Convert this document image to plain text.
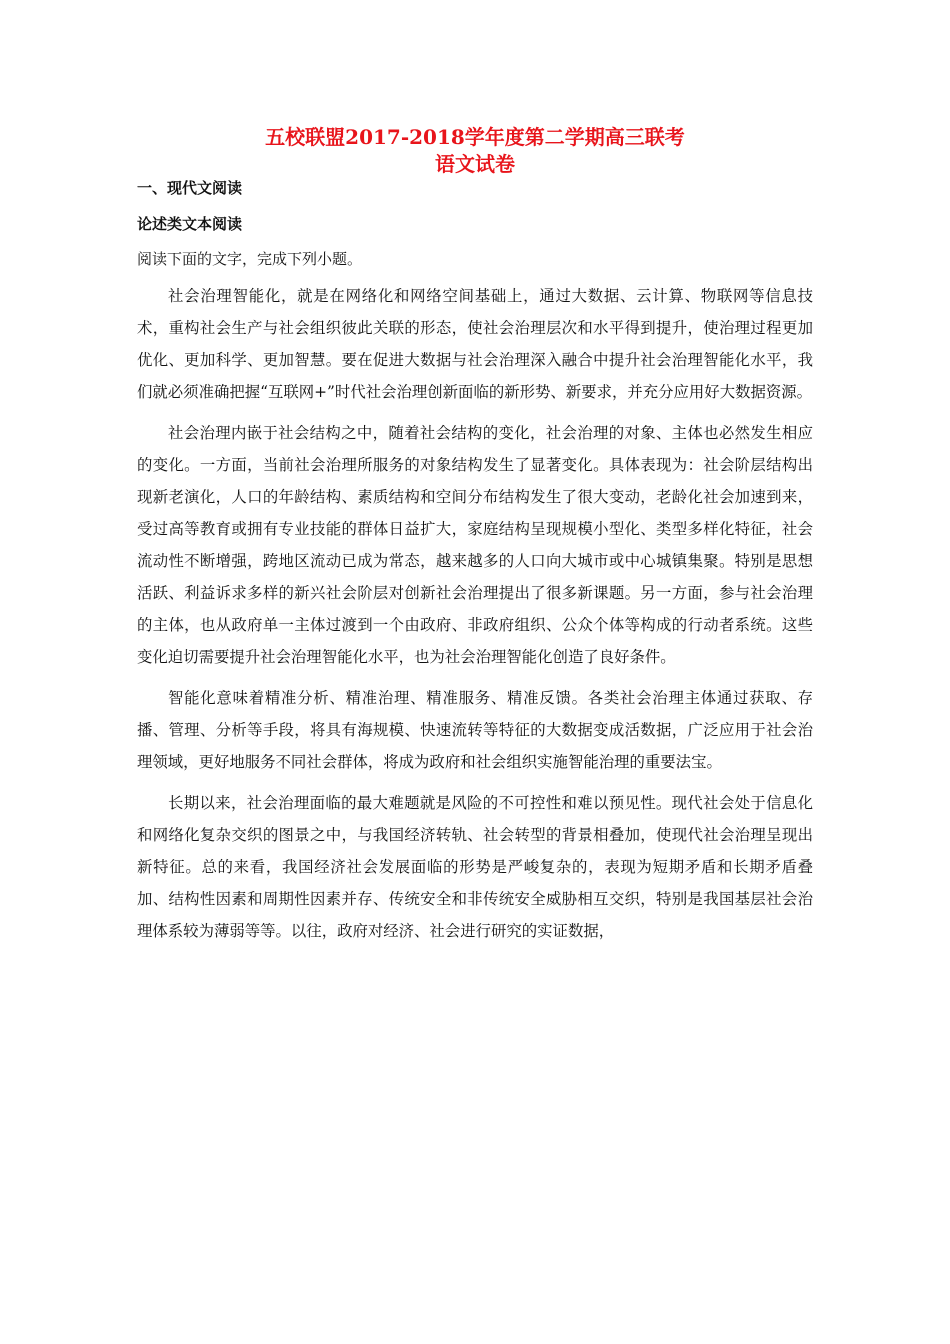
五校联盟2017-2018学年度第二学期高三联考
语文试卷
一、现代文阅读
论述类文本阅读
阅读下面的文字，完成下列小题。

社会治理智能化，就是在网络化和网络空间基础上，通过大数据、云计算、物联网等信息技术，重构社会生产与社会组织彼此关联的形态，使社会治理层次和水平得到提升，使治理过程更加优化、更加科学、更加智慧。要在促进大数据与社会治理深入融合中提升社会治理智能化水平，我们就必须准确把握“互联网+”时代社会治理创新面临的新形势、新要求，并充分应用好大数据资源。

社会治理内嵌于社会结构之中，随着社会结构的变化，社会治理的对象、主体也必然发生相应的变化。一方面，当前社会治理所服务的对象结构发生了显著变化。具体表现为：社会阶层结构出现新老演化，人口的年龄结构、素质结构和空间分布结构发生了很大变动，老龄化社会加速到来，受过高等教育或拥有专业技能的群体日益扩大，家庭结构呈现规模小型化、类型多样化特征，社会流动性不断增强，跨地区流动已成为常态，越来越多的人口向大城市或中心城镇集聚。特别是思想活跃、利益诉求多样的新兴社会阶层对创新社会治理提出了很多新课题。另一方面，参与社会治理的主体，也从政府单一主体过渡到一个由政府、非政府组织、公众个体等构成的行动者系统。这些变化迫切需要提升社会治理智能化水平，也为社会治理智能化创造了良好条件。

智能化意味着精准分析、精准治理、精准服务、精准反馈。各类社会治理主体通过获取、存播、管理、分析等手段，将具有海规模、快速流转等特征的大数据变成活数据，广泛应用于社会治理领域，更好地服务不同社会群体，将成为政府和社会组织实施智能治理的重要法宝。

长期以来，社会治理面临的最大难题就是风险的不可控性和难以预见性。现代社会处于信息化和网络化复杂交织的图景之中，与我国经济转轨、社会转型的背景相叠加，使现代社会治理呈现出新特征。总的来看，我国经济社会发展面临的形势是严峻复杂的，表现为短期矛盾和长期矛盾叠加、结构性因素和周期性因素并存、传统安全和非传统安全威胁相互交织，特别是我国基层社会治理体系较为薄弱等等。以往，政府对经济、社会进行研究的实证数据，
